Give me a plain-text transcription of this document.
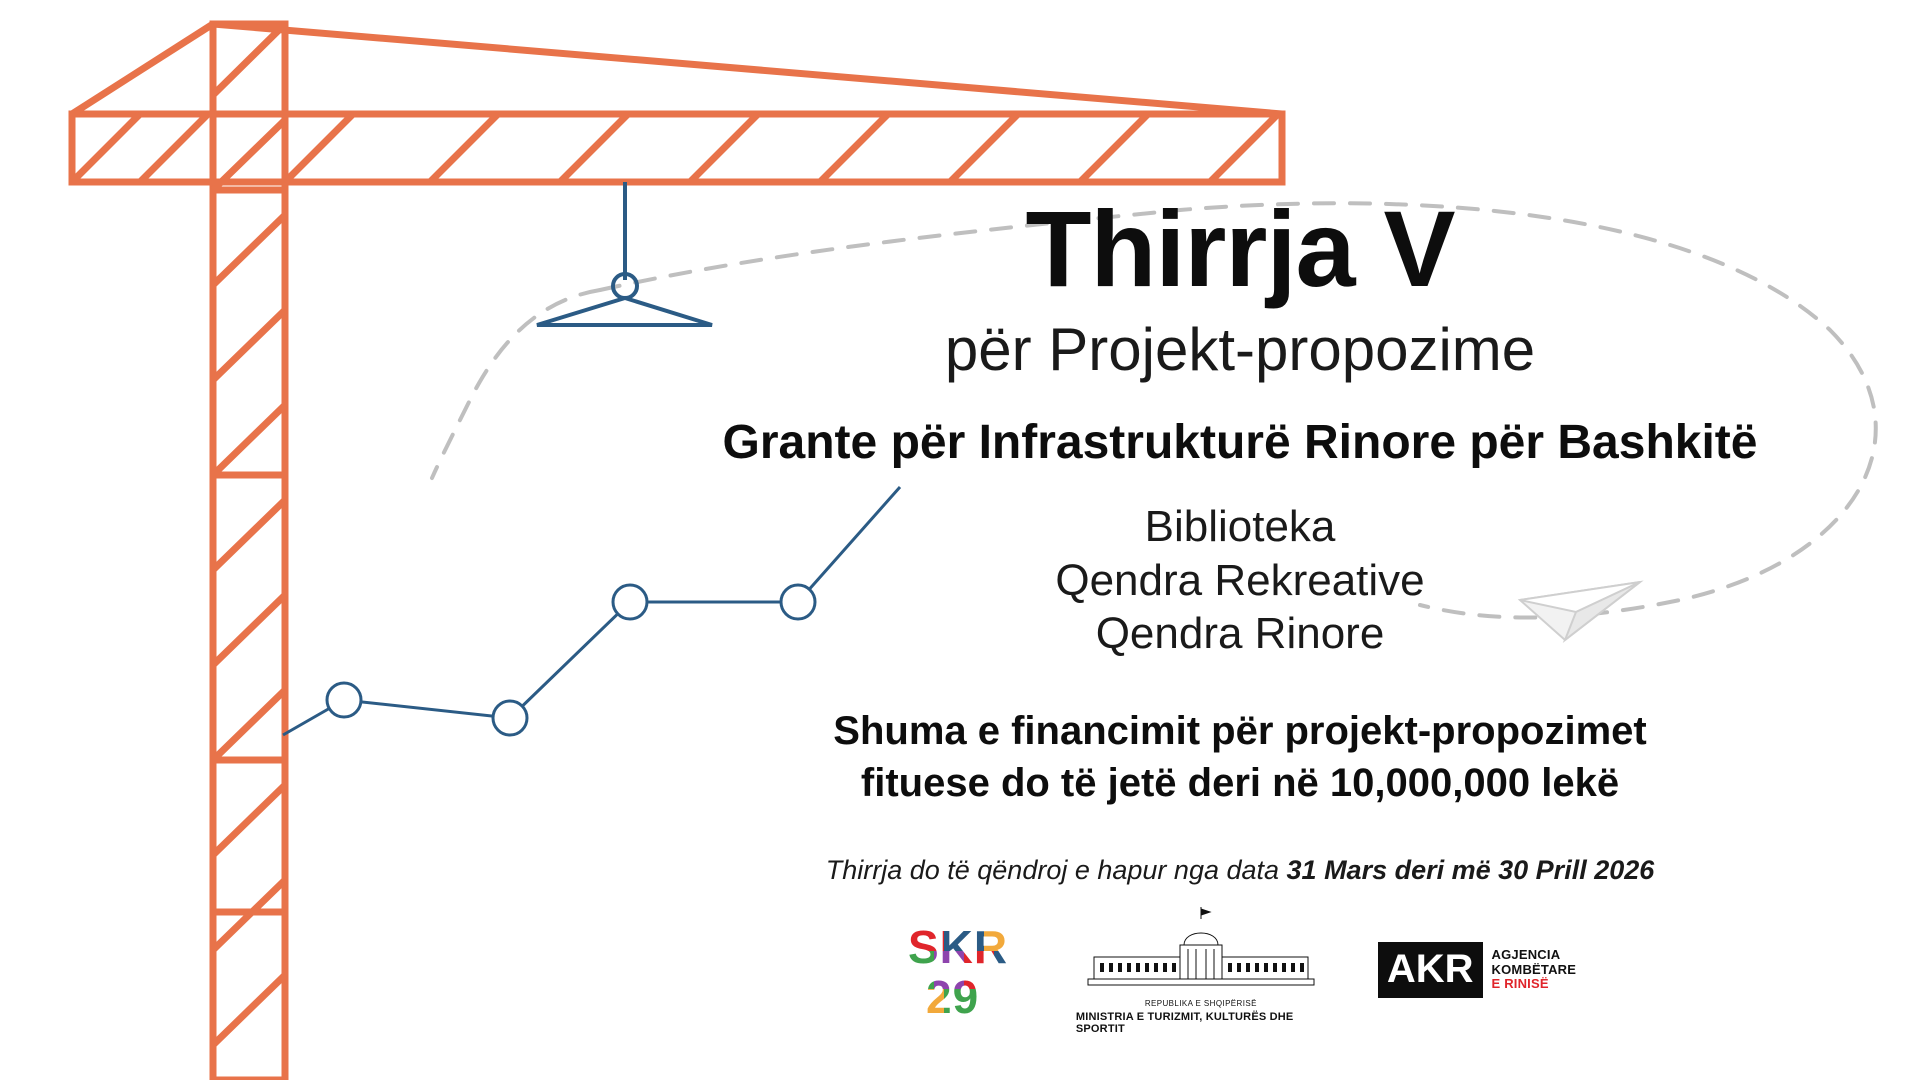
Thirrja V
për Projekt-propozime
Grante për Infrastrukturë Rinore për Bashkitë
Biblioteka
Qendra Rekreative
Qendra Rinore
Shuma e financimit për projekt-propozimet
fituese do të jetë deri në 10,000,000 lekë
Thirrja do të qëndroj e hapur nga data 31 Mars deri më 30 Prill 2026
REPUBLIKA E SHQIPËRISË
MINISTRIA E TURIZMIT, KULTURËS DHE SPORTIT
AKR	AGJENCIA
KOMBËTARE
E RINISË
